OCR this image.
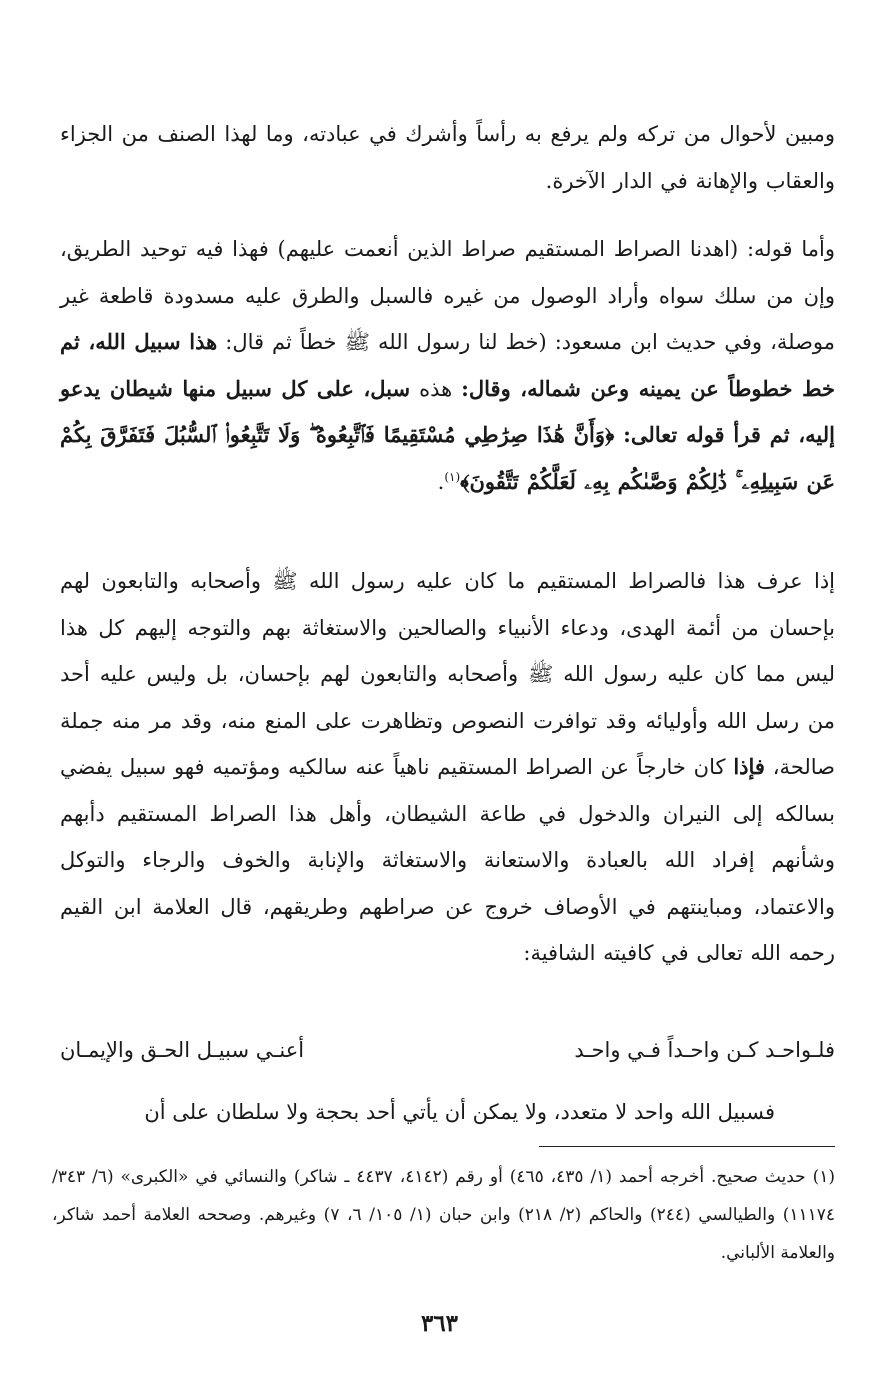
ومبين لأحوال من تركه ولم يرفع به رأساً وأشرك في عبادته، وما لهذا الصنف من الجزاء والعقاب والإهانة في الدار الآخرة.

وأما قوله: (اهدنا الصراط المستقيم صراط الذين أنعمت عليهم) فهذا فيه توحيد الطريق، وإن من سلك سواه وأراد الوصول من غيره فالسبل والطرق عليه مسدودة قاطعة غير موصلة، وفي حديث ابن مسعود: (خط لنا رسول الله ﷺ خطاً ثم قال: هذا سبيل الله، ثم خط خطوطاً عن يمينه وعن شماله، وقال: هذه سبل، على كل سبيل منها شيطان يدعو إليه، ثم قرأ قوله تعالى: ﴿وَأَنَّ هَٰذَا صِرَٰطِي مُسْتَقِيمًا فَٱتَّبِعُوهُ ۖ وَلَا تَتَّبِعُوا۟ ٱلسُّبُلَ فَتَفَرَّقَ بِكُمْ عَن سَبِيلِهِۦ ۚ ذَٰلِكُمْ وَصَّىٰكُم بِهِۦ لَعَلَّكُمْ تَتَّقُونَ﴾$^{(١)}$.

إذا عرف هذا فالصراط المستقيم ما كان عليه رسول الله ﷺ وأصحابه والتابعون لهم بإحسان من أئمة الهدى، ودعاء الأنبياء والصالحين والاستغاثة بهم والتوجه إليهم كل هذا ليس مما كان عليه رسول الله ﷺ وأصحابه والتابعون لهم بإحسان، بل وليس عليه أحد من رسل الله وأوليائه وقد توافرت النصوص وتظاهرت على المنع منه، وقد مر منه جملة صالحة، فإذا كان خارجاً عن الصراط المستقيم ناهياً عنه سالكيه ومؤتميه فهو سبيل يفضي بسالكه إلى النيران والدخول في طاعة الشيطان، وأهل هذا الصراط المستقيم دأبهم وشأنهم إفراد الله بالعبادة والاستعانة والاستغاثة والإنابة والخوف والرجاء والتوكل والاعتماد، ومباينتهم في الأوصاف خروج عن صراطهم وطريقهم، قال العلامة ابن القيم رحمه الله تعالى في كافيته الشافية:

فلـواحـد كـن واحـداً فـي واحـد
أعنـي سبيـل الحـق والإيمـان

فسبيل الله واحد لا متعدد، ولا يمكن أن يأتي أحد بحجة ولا سلطان على أن

(١) حديث صحيح. أخرجه أحمد (١/ ٤٣٥، ٤٦٥) أو رقم (٤١٤٢، ٤٤٣٧ ـ شاكر) والنسائي في «الكبرى» (٦/ ٣٤٣/ ١١١٧٤) والطيالسي (٢٤٤) والحاكم (٢/ ٢١٨) وابن حبان (١/ ١٠٥/ ٦، ٧) وغيرهم. وصححه العلامة أحمد شاكر، والعلامة الألباني.

٣٦٣
